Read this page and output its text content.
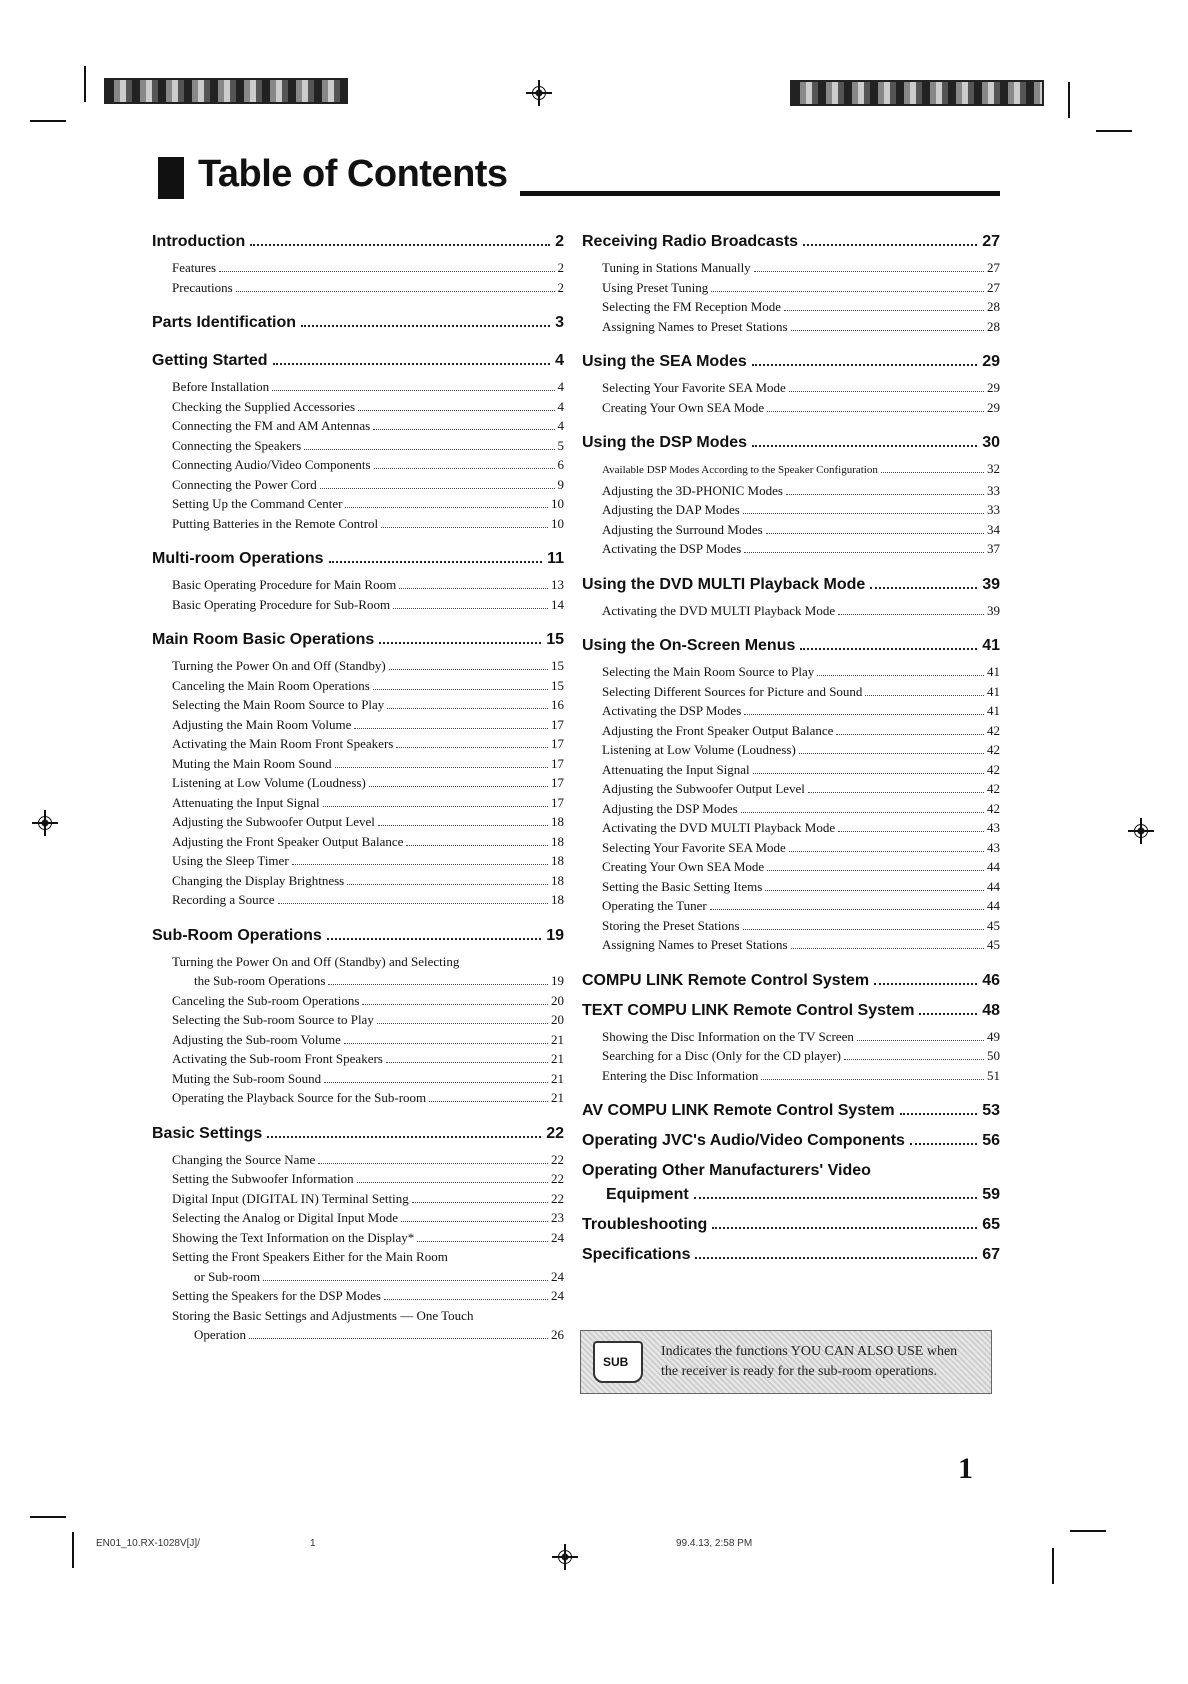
Table of Contents
Introduction	2
Features	2
Precautions	2
Parts Identification	3
Getting Started	4
Before Installation	4
Checking the Supplied Accessories	4
Connecting the FM and AM Antennas	4
Connecting the Speakers	5
Connecting Audio/Video Components	6
Connecting the Power Cord	9
Setting Up the Command Center	10
Putting Batteries in the Remote Control	10
Multi-room Operations	11
Basic Operating Procedure for Main Room	13
Basic Operating Procedure for Sub-Room	14
Main Room Basic Operations	15
Turning the Power On and Off (Standby)	15
Canceling the Main Room Operations	15
Selecting the Main Room Source to Play	16
Adjusting the Main Room Volume	17
Activating the Main Room Front Speakers	17
Muting the Main Room Sound	17
Listening at Low Volume (Loudness)	17
Attenuating the Input Signal	17
Adjusting the Subwoofer Output Level	18
Adjusting the Front Speaker Output Balance	18
Using the Sleep Timer	18
Changing the Display Brightness	18
Recording a Source	18
Sub-Room Operations	19
Turning the Power On and Off (Standby) and Selecting
the Sub-room Operations	19
Canceling the Sub-room Operations	20
Selecting the Sub-room Source to Play	20
Adjusting the Sub-room Volume	21
Activating the Sub-room Front Speakers	21
Muting the Sub-room Sound	21
Operating the Playback Source for the Sub-room	21
Basic Settings	22
Changing the Source Name	22
Setting the Subwoofer Information	22
Digital Input (DIGITAL IN) Terminal Setting	22
Selecting the Analog or Digital Input Mode	23
Showing the Text Information on the Display*	24
Setting the Front Speakers Either for the Main Room
or Sub-room	24
Setting the Speakers for the DSP Modes	24
Storing the Basic Settings and Adjustments — One Touch
Operation	26
Receiving Radio Broadcasts	27
Tuning in Stations Manually	27
Using Preset Tuning	27
Selecting the FM Reception Mode	28
Assigning Names to Preset Stations	28
Using the SEA Modes	29
Selecting Your Favorite SEA Mode	29
Creating Your Own SEA Mode	29
Using the DSP Modes	30
Available DSP Modes According to the Speaker Configuration	32
Adjusting the 3D-PHONIC Modes	33
Adjusting the DAP Modes	33
Adjusting the Surround Modes	34
Activating the DSP Modes	37
Using the DVD MULTI Playback Mode	39
Activating the DVD MULTI Playback Mode	39
Using the On-Screen Menus	41
Selecting the Main Room Source to Play	41
Selecting Different Sources for Picture and Sound	41
Activating the DSP Modes	41
Adjusting the Front Speaker Output Balance	42
Listening at Low Volume (Loudness)	42
Attenuating the Input Signal	42
Adjusting the Subwoofer Output Level	42
Adjusting the DSP Modes	42
Activating the DVD MULTI Playback Mode	43
Selecting Your Favorite SEA Mode	43
Creating Your Own SEA Mode	44
Setting the Basic Setting Items	44
Operating the Tuner	44
Storing the Preset Stations	45
Assigning Names to Preset Stations	45
COMPU LINK Remote Control System	46
TEXT COMPU LINK Remote Control System	48
Showing the Disc Information on the TV Screen	49
Searching for a Disc (Only for the CD player)	50
Entering the Disc Information	51
AV COMPU LINK Remote Control System	53
Operating JVC's Audio/Video Components	56
Operating Other Manufacturers' Video
Equipment	59
Troubleshooting	65
Specifications	67
SUB
Indicates the functions YOU CAN ALSO USE when
the receiver is ready for the sub-room operations.
1
EN01_10.RX-1028V[J]/	1	99.4.13, 2:58 PM
